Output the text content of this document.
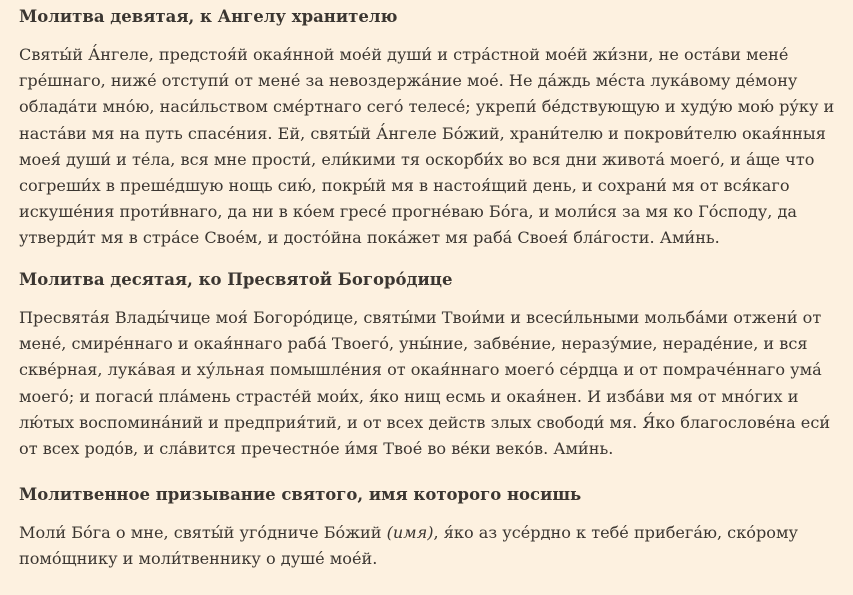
Молитва девятая, к Ангелу хранителю

Святы́й А́нгеле, предстоя́й окая́нной мое́й души́ и стра́стной мое́й жи́зни, не оста́ви мене́
гре́шнаго, ниже́ отступи́ от мене́ за невоздержа́ние мое́. Не да́ждь ме́ста лука́вому де́мону
облада́ти мно́ю, наси́льством сме́ртнаго сего́ телесе́; укрепи́ бе́дствующую и худу́ю мою́ ру́ку и
наста́ви мя на путь спасе́ния. Ей, святы́й А́нгеле Бо́жий, храни́телю и покрови́телю окая́нныя
моея́ души́ и те́ла, вся мне прости́, ели́кими тя оскорби́х во вся дни живота́ моего́, и а́ще что
согреши́х в преше́дшую нощь сию́, покры́й мя в настоя́щий день, и сохрани́ мя от вся́каго
искуше́ния проти́внаго, да ни в ко́ем гресе́ прогне́ваю Бо́га, и моли́ся за мя ко Го́споду, да
утверди́т мя в стра́се Свое́м, и досто́йна пока́жет мя раба́ Своея́ бла́гости. Ами́нь.

Молитва десятая, ко Пресвятой Богоро́дице

Пресвята́я Влады́чице моя́ Богоро́дице, святы́ми Твои́ми и всеси́льными мольба́ми отжени́ от
мене́, смире́ннаго и окая́ннаго раба́ Твоего́, уны́ние, забве́ние, неразу́мие, нераде́ние, и вся
скве́рная, лука́вая и ху́льная помышле́ния от окая́ннаго моего́ се́рдца и от помраче́ннаго ума́
моего́; и погаси́ пла́мень страсте́й мои́х, я́ко нищ есмь и окая́нен. И изба́ви мя от мно́гих и
лю́тых воспомина́ний и предприя́тий, и от всех действ злых свободи́ мя. Я́ко благослове́на еси́
от всех родо́в, и сла́вится пречестно́е и́мя Твое́ во ве́ки веко́в. Ами́нь.

Молитвенное призывание святого, имя которого носишь

Моли́ Бо́га о мне, святы́й уго́дниче Бо́жий (имя), я́ко аз усе́рдно к тебе́ прибега́ю, ско́рому
помо́щнику и моли́твеннику о душе́ мое́й.
